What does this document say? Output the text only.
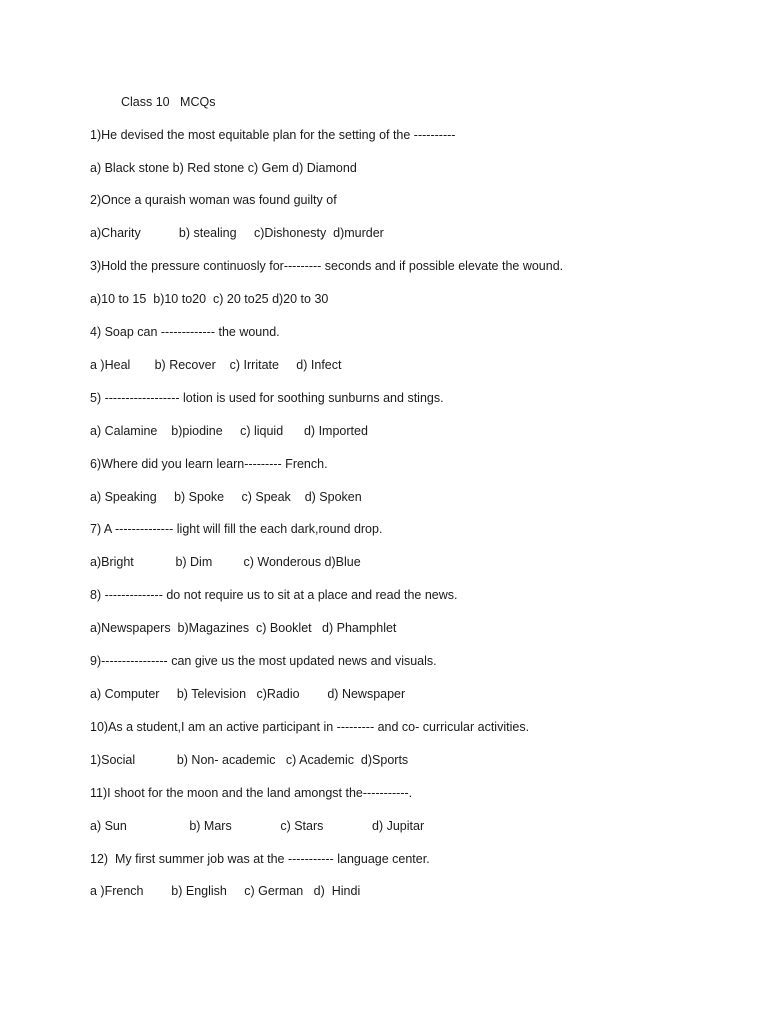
Class 10   MCQs
1)He devised the most equitable plan for the setting of the ----------
a) Black stone b) Red stone c) Gem d) Diamond
2)Once a quraish woman was found guilty of
a)Charity           b) stealing     c)Dishonesty  d)murder
3)Hold the pressure continuosly for--------- seconds and if possible elevate the wound.
a)10 to 15  b)10 to20  c) 20 to25 d)20 to 30
4) Soap can ------------- the wound.
a )Heal       b) Recover    c) Irritate     d) Infect
5) ------------------ lotion is used for soothing sunburns and stings.
a) Calamine    b)piodine     c) liquid      d) Imported
6)Where did you learn learn--------- French.
a) Speaking     b) Spoke     c) Speak    d) Spoken
7) A -------------- light will fill the each dark,round drop.
a)Bright            b) Dim         c) Wonderous d)Blue
8) -------------- do not require us to sit at a place and read the news.
a)Newspapers  b)Magazines  c) Booklet   d) Phamphlet
9)---------------- can give us the most updated news and visuals.
a) Computer     b) Television   c)Radio        d) Newspaper
10)As a student,I am an active participant in --------- and co- curricular activities.
1)Social            b) Non- academic   c) Academic  d)Sports
11)I shoot for the moon and the land amongst the-----------.
a) Sun                  b) Mars              c) Stars              d) Jupitar
12)  My first summer job was at the ----------- language center.
a )French        b) English     c) German   d)  Hindi
